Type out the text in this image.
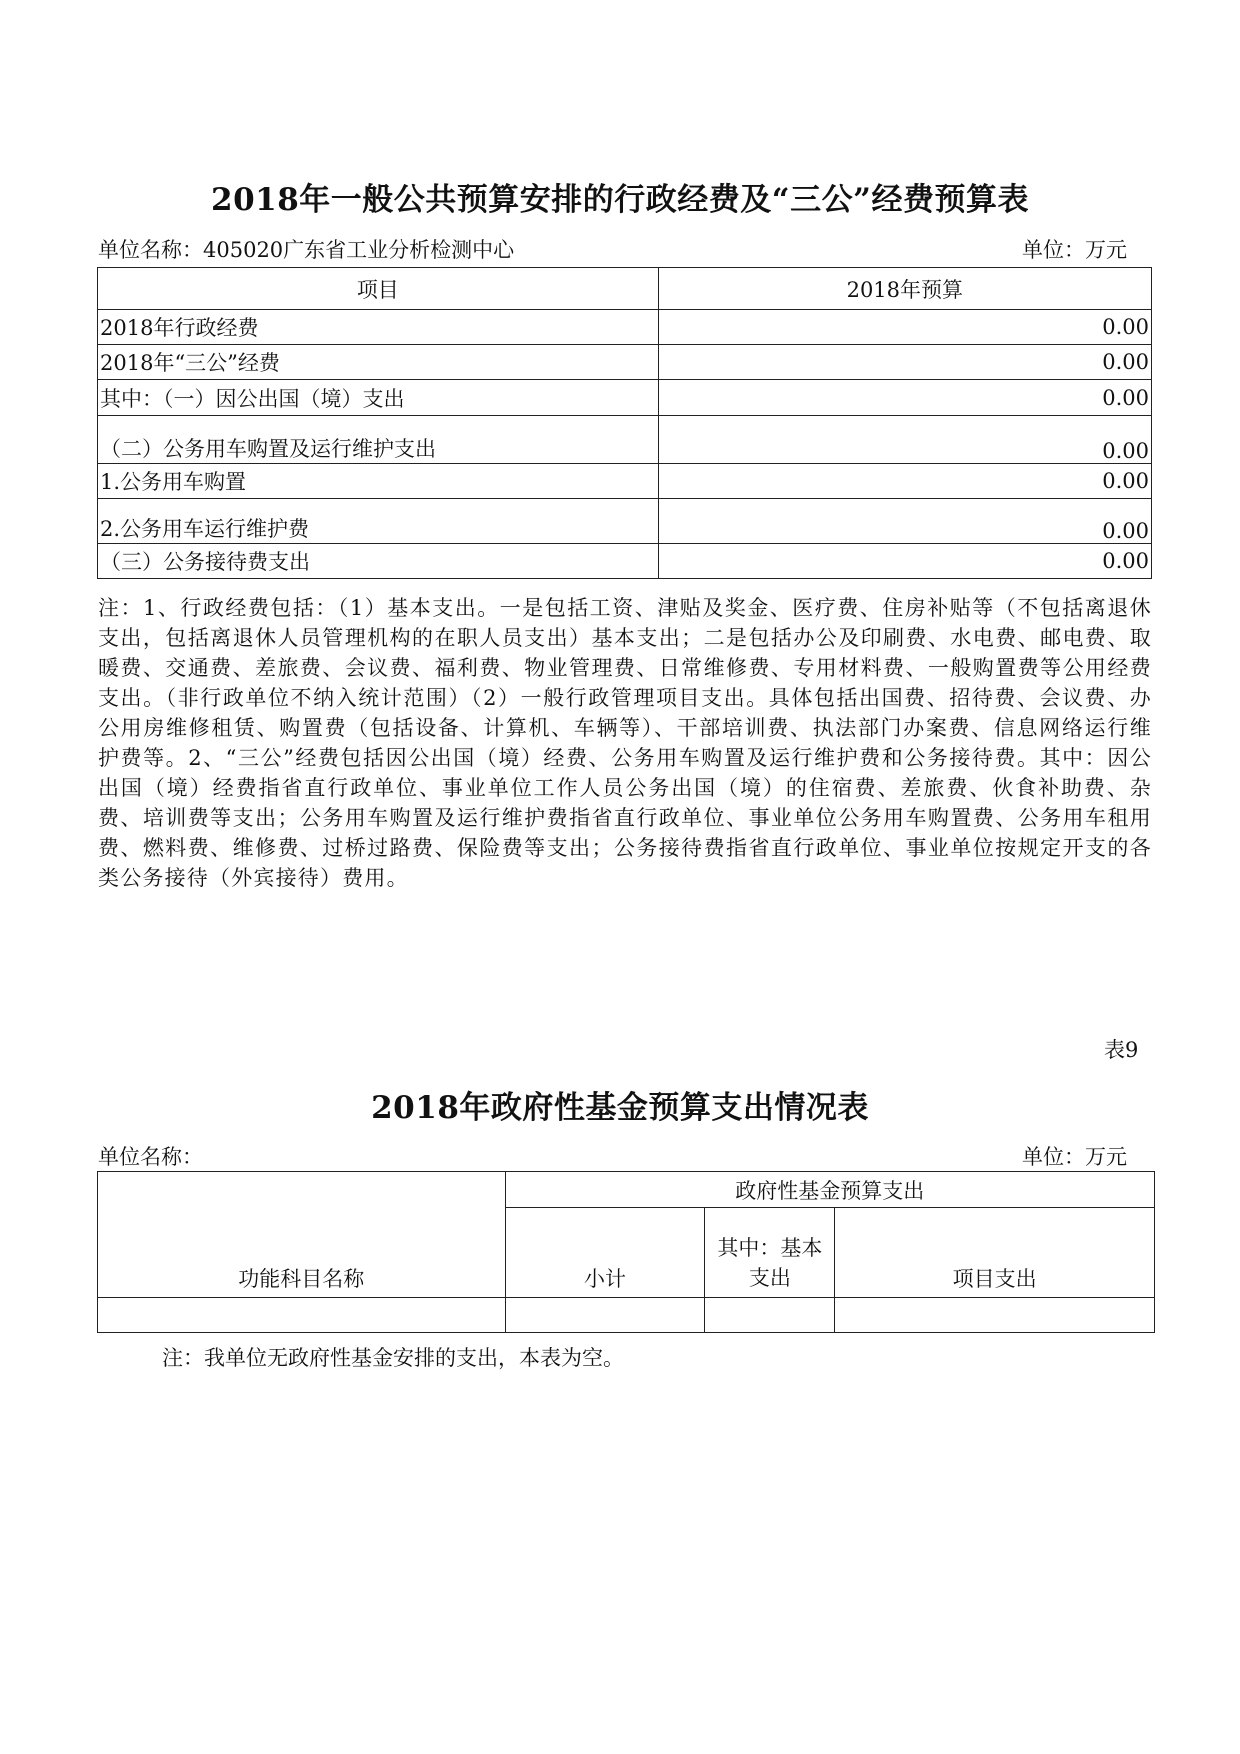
2018年一般公共预算安排的行政经费及“三公”经费预算表
单位名称：405020广东省工业分析检测中心	单位：万元
项目	2018年预算
2018年行政经费	0.00
2018年“三公”经费	0.00
其中：（一）因公出国（境）支出	0.00
（二）公务用车购置及运行维护支出	0.00
1.公务用车购置	0.00
2.公务用车运行维护费	0.00
（三）公务接待费支出	0.00
注：1、行政经费包括：（1）基本支出。一是包括工资、津贴及奖金、医疗费、住房补贴等（不包括离退休支出，包括离退休人员管理机构的在职人员支出）基本支出；二是包括办公及印刷费、水电费、邮电费、取暖费、交通费、差旅费、会议费、福利费、物业管理费、日常维修费、专用材料费、一般购置费等公用经费支出。（非行政单位不纳入统计范围）（2）一般行政管理项目支出。具体包括出国费、招待费、会议费、办公用房维修租赁、购置费（包括设备、计算机、车辆等）、干部培训费、执法部门办案费、信息网络运行维护费等。2、“三公”经费包括因公出国（境）经费、公务用车购置及运行维护费和公务接待费。其中：因公出国（境）经费指省直行政单位、事业单位工作人员公务出国（境）的住宿费、差旅费、伙食补助费、杂费、培训费等支出；公务用车购置及运行维护费指省直行政单位、事业单位公务用车购置费、公务用车租用费、燃料费、维修费、过桥过路费、保险费等支出；公务接待费指省直行政单位、事业单位按规定开支的各类公务接待（外宾接待）费用。
表9
2018年政府性基金预算支出情况表
单位名称：	单位：万元
功能科目名称	政府性基金预算支出		
	小计	其中：基本支出	项目支出

注：我单位无政府性基金安排的支出，本表为空。
